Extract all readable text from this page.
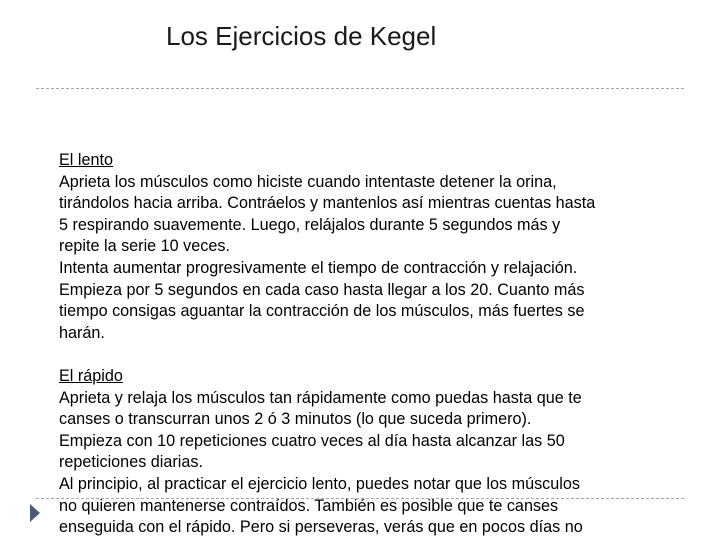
Los Ejercicios de Kegel
El lento
Aprieta los músculos como hiciste cuando intentaste detener la orina,
tirándolos hacia arriba. Contráelos y mantenlos así mientras cuentas hasta
5 respirando suavemente. Luego, relájalos durante 5 segundos más y
repite la serie 10 veces.
Intenta aumentar progresivamente el tiempo de contracción y relajación.
Empieza por 5 segundos en cada caso hasta llegar a los 20. Cuanto más
tiempo consigas aguantar la contracción de los músculos, más fuertes se
harán.
El rápido
Aprieta y relaja los músculos tan rápidamente como puedas hasta que te
canses o transcurran unos 2 ó 3 minutos (lo que suceda primero).
Empieza con 10 repeticiones cuatro veces al día hasta alcanzar las 50
repeticiones diarias.
Al principio, al practicar el ejercicio lento, puedes notar que los músculos
no quieren mantenerse contraídos. También es posible que te canses
enseguida con el rápido. Pero si perseveras, verás que en pocos días no
